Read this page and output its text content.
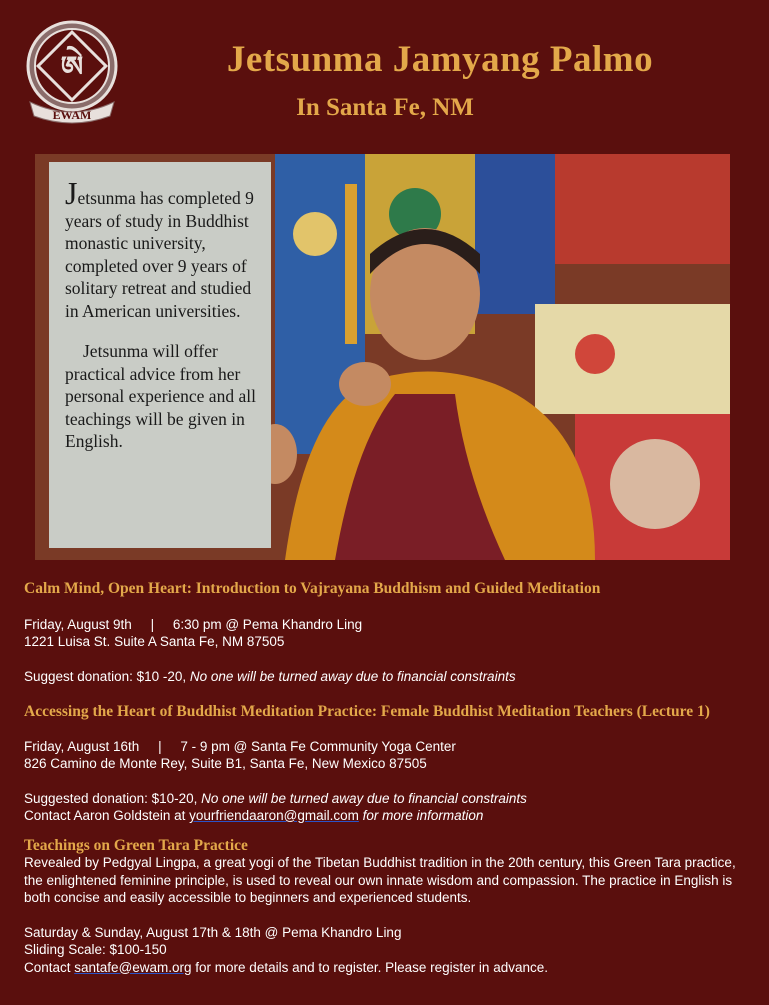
ཨེ
EWAM
Jetsunma Jamyang Palmo
In Santa Fe, NM

Jetsunma has completed 9 years of study in Buddhist monastic university, completed over 9 years of solitary retreat and studied in American universities.

Jetsunma will offer practical advice from her personal experience and all teachings will be given in English.

Calm Mind, Open Heart: Introduction to Vajrayana Buddhism and Guided Meditation

Friday, August 9th     |     6:30 pm @ Pema Khandro Ling

1221 Luisa St. Suite A Santa Fe, NM 87505

Suggest donation: $10 -20, No one will be turned away due to financial constraints

Accessing the Heart of Buddhist Meditation Practice: Female Buddhist Meditation Teachers (Lecture 1)

Friday, August 16th     |     7 - 9 pm @ Santa Fe Community Yoga Center

826 Camino de Monte Rey, Suite B1, Santa Fe, New Mexico 87505

Suggested donation: $10-20, No one will be turned away due to financial constraints

Contact Aaron Goldstein at yourfriendaaron@gmail.com for more information

Teachings on Green Tara Practice

Revealed by Pedgyal Lingpa, a great yogi of the Tibetan Buddhist tradition in the 20th century, this Green Tara practice, the enlightened feminine principle, is used to reveal our own innate wisdom and compassion. The practice in English is both concise and easily accessible to beginners and experienced students.

Saturday & Sunday, August 17th & 18th @ Pema Khandro Ling

Sliding Scale: $100-150

Contact santafe@ewam.org for more details and to register. Please register in advance.
